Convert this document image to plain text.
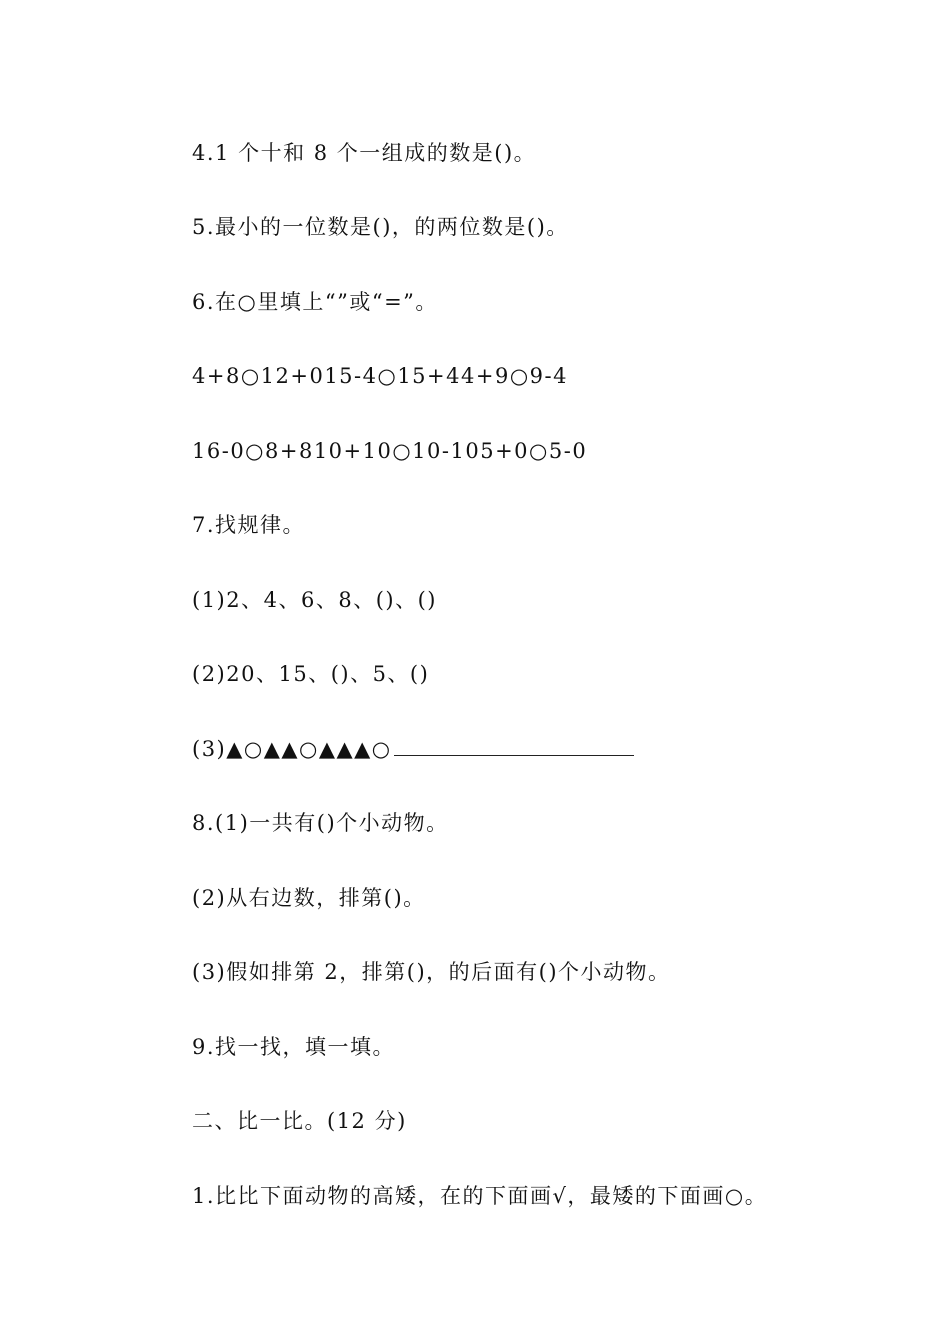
4.1 个十和 8 个一组成的数是()。
5.最小的一位数是()，的两位数是()。
6.在○里填上“”或“=”。
4+8○12+015-4○15+44+9○9-4
16-0○8+810+10○10-105+0○5-0
7.找规律。
(1)2、4、6、8、()、()
(2)20、15、()、5、()
(3)▲○▲▲○▲▲▲○
8.(1)一共有()个小动物。
(2)从右边数，排第()。
(3)假如排第 2，排第()，的后面有()个小动物。
9.找一找，填一填。
二、比一比。(12 分)
1.比比下面动物的高矮，在的下面画√，最矮的下面画○。
